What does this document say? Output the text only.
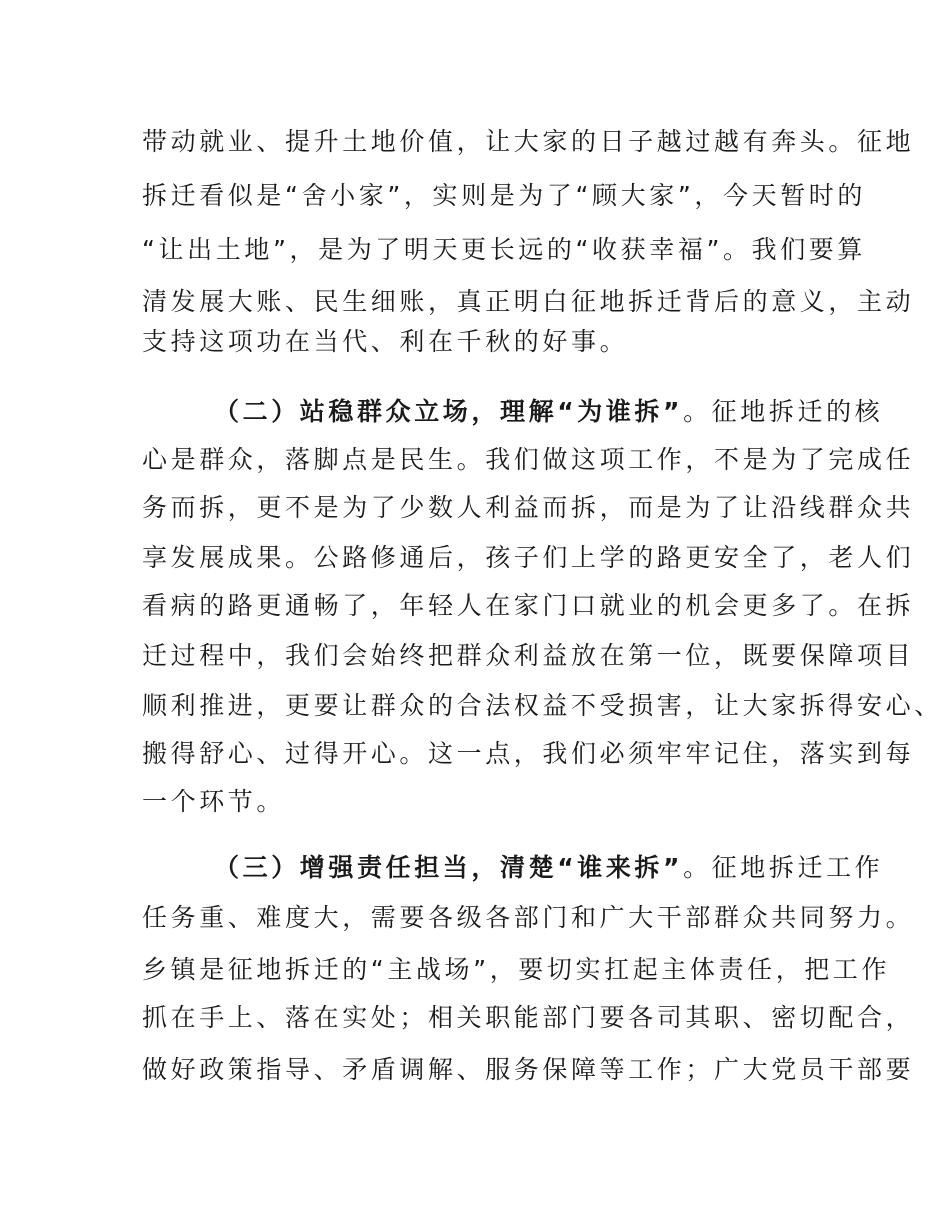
带动就业、提升土地价值，让大家的日子越过越有奔头。征地
拆迁看似是“舍小家”，实则是为了“顾大家”，今天暂时的
“让出土地”，是为了明天更长远的“收获幸福”。我们要算
清发展大账、民生细账，真正明白征地拆迁背后的意义，主动
支持这项功在当代、利在千秋的好事。
（二）站稳群众立场，理解“为谁拆”。征地拆迁的核
心是群众，落脚点是民生。我们做这项工作，不是为了完成任
务而拆，更不是为了少数人利益而拆，而是为了让沿线群众共
享发展成果。公路修通后，孩子们上学的路更安全了，老人们
看病的路更通畅了，年轻人在家门口就业的机会更多了。在拆
迁过程中，我们会始终把群众利益放在第一位，既要保障项目
顺利推进，更要让群众的合法权益不受损害，让大家拆得安心、
搬得舒心、过得开心。这一点，我们必须牢牢记住，落实到每
一个环节。
（三）增强责任担当，清楚“谁来拆”。征地拆迁工作
任务重、难度大，需要各级各部门和广大干部群众共同努力。
乡镇是征地拆迁的“主战场”，要切实扛起主体责任，把工作
抓在手上、落在实处；相关职能部门要各司其职、密切配合，
做好政策指导、矛盾调解、服务保障等工作；广大党员干部要
